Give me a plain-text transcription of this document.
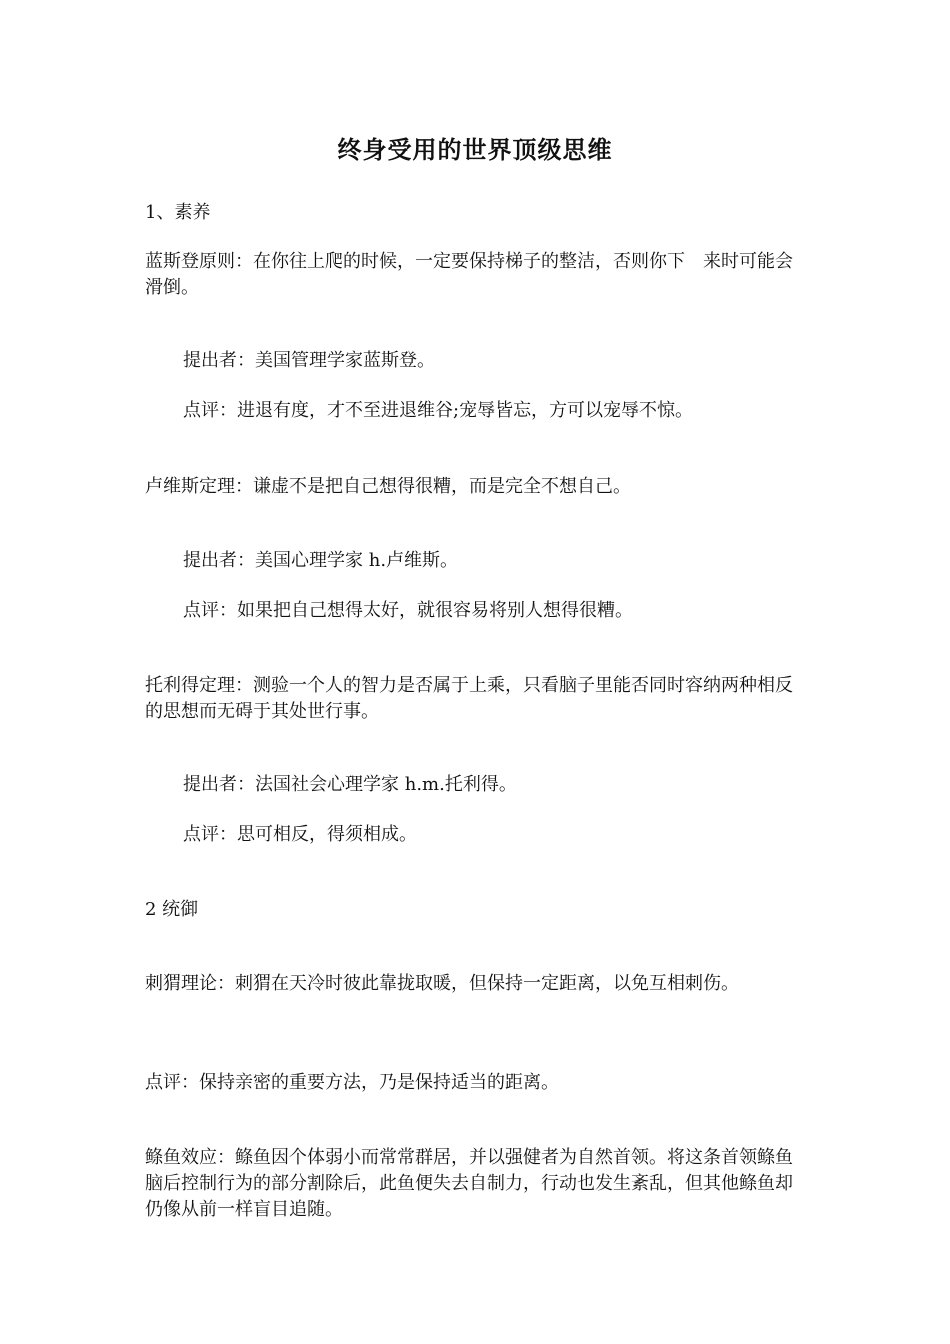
终身受用的世界顶级思维

1、素养

蓝斯登原则：在你往上爬的时候，一定要保持梯子的整洁，否则你下　来时可能会滑倒。

提出者：美国管理学家蓝斯登。

点评：进退有度，才不至进退维谷;宠辱皆忘，方可以宠辱不惊。

卢维斯定理：谦虚不是把自己想得很糟，而是完全不想自己。

提出者：美国心理学家 h.卢维斯。

点评：如果把自己想得太好，就很容易将别人想得很糟。

托利得定理：测验一个人的智力是否属于上乘，只看脑子里能否同时容纳两种相反的思想而无碍于其处世行事。

提出者：法国社会心理学家 h.m.托利得。

点评：思可相反，得须相成。

2 统御

刺猬理论：刺猬在天冷时彼此靠拢取暖，但保持一定距离，以免互相刺伤。

点评：保持亲密的重要方法，乃是保持适当的距离。

鲦鱼效应：鲦鱼因个体弱小而常常群居，并以强健者为自然首领。将这条首领鲦鱼脑后控制行为的部分割除后，此鱼便失去自制力，行动也发生紊乱，但其他鲦鱼却仍像从前一样盲目追随。
